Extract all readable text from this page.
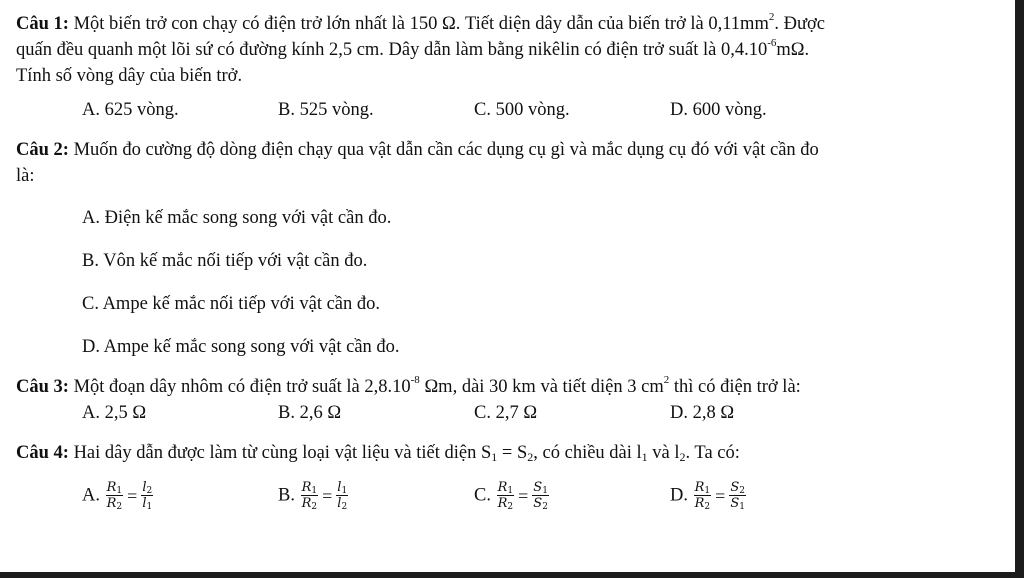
Câu 1: Một biến trở con chạy có điện trở lớn nhất là 150 Ω. Tiết diện dây dẫn của biến trở là $0,11mm^2$. Được

quấn đều quanh một lõi sứ có đường kính 2,5 cm. Dây dẫn làm bằng nikêlin có điện trở suất là $0,4.10^{-6}m\Omega$.

Tính số vòng dây của biến trở.

A. 625 vòng.	B. 525 vòng.	C. 500 vòng.	D. 600 vòng.

Câu 2: Muốn đo cường độ dòng điện chạy qua vật dẫn cần các dụng cụ gì và mắc dụng cụ đó với vật cần đo

là:

A. Điện kế mắc song song với vật cần đo.

B. Vôn kế mắc nối tiếp với vật cần đo.

C. Ampe kế mắc nối tiếp với vật cần đo.

D. Ampe kế mắc song song với vật cần đo.

Câu 3: Một đoạn dây nhôm có điện trở suất là $2,8.10^{-8}$ Ωm, dài 30 km và tiết diện 3 $cm^2$ thì có điện trở là:

A. 2,5 Ω	B. 2,6 Ω	C. 2,7 Ω	D. 2,8 Ω

Câu 4: Hai dây dẫn được làm từ cùng loại vật liệu và tiết diện $S_1 = S_2$, có chiều dài $l_1$ và $l_2$. Ta có:

A. $\frac{R_1}{R_2} = \frac{l_2}{l_1}$	B. $\frac{R_1}{R_2} = \frac{l_1}{l_2}$	C. $\frac{R_1}{R_2} = \frac{S_1}{S_2}$	D. $\frac{R_1}{R_2} = \frac{S_2}{S_1}$
